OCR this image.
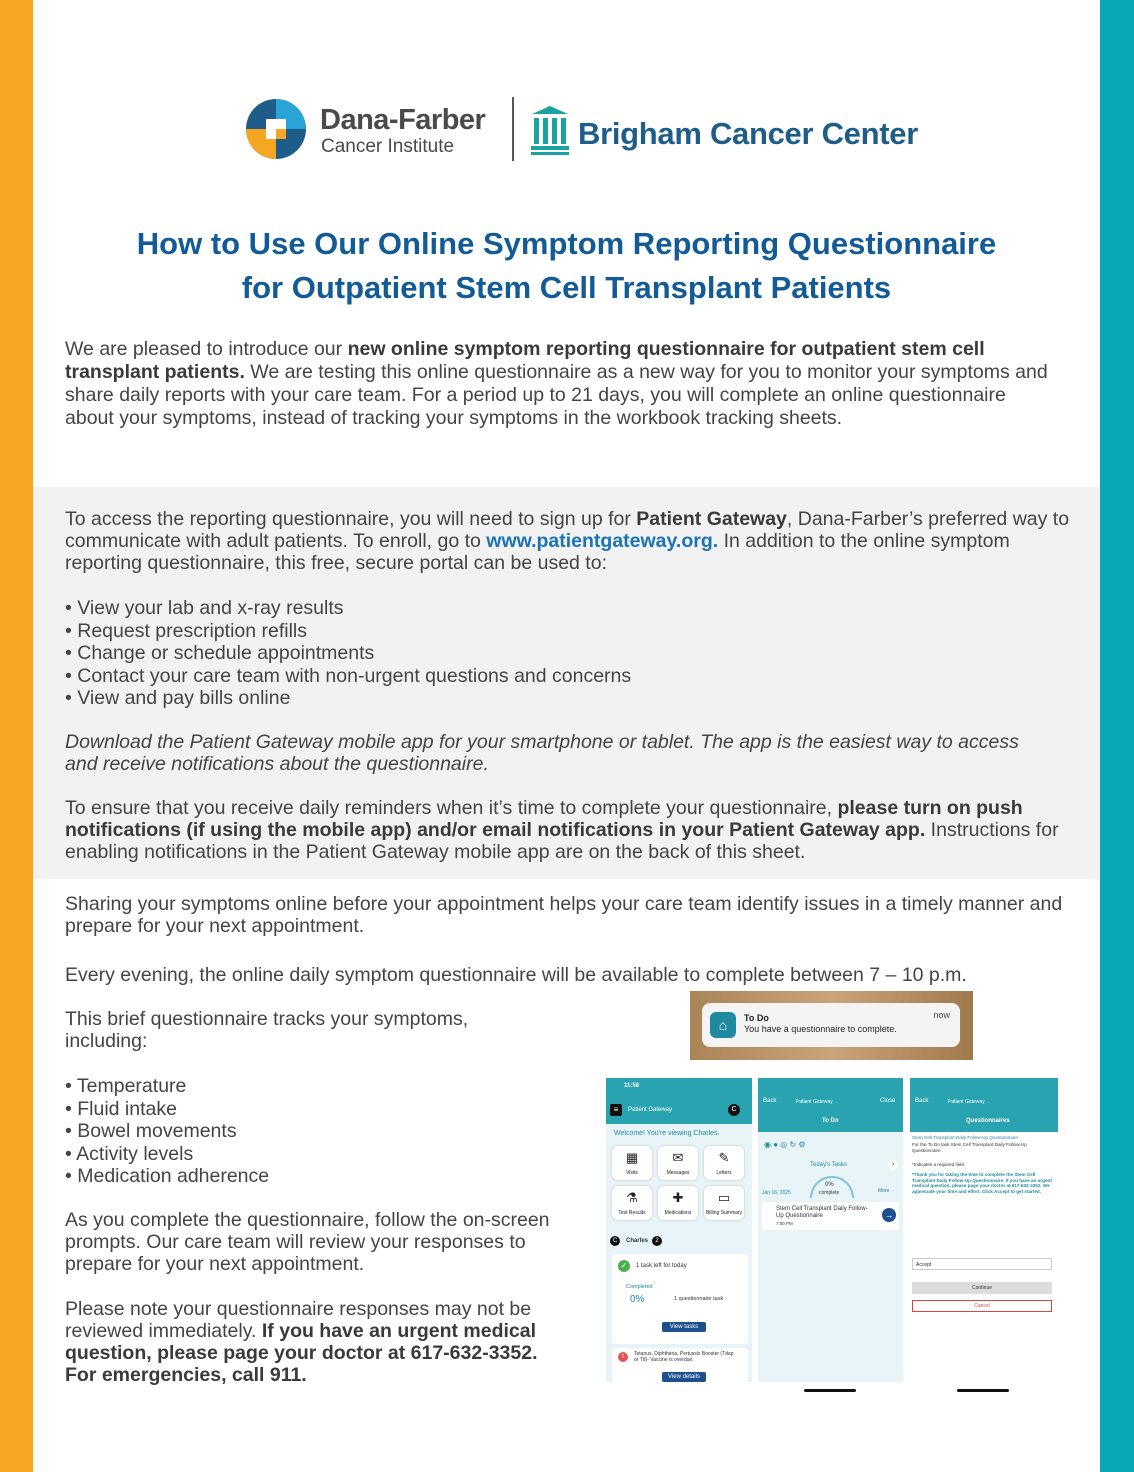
Dana-Farber
Cancer Institute	Brigham Cancer Center
How to Use Our Online Symptom Reporting Questionnaire
for Outpatient Stem Cell Transplant Patients

We are pleased to introduce our new online symptom reporting questionnaire for outpatient stem cell transplant patients. We are testing this online questionnaire as a new way for you to monitor your symptoms and share daily reports with your care team. For a period up to 21 days, you will complete an online questionnaire about your symptoms, instead of tracking your symptoms in the workbook tracking sheets.

To access the reporting questionnaire, you will need to sign up for Patient Gateway, Dana-Farber’s preferred way to communicate with adult patients. To enroll, go to www.patientgateway.org. In addition to the online symptom reporting questionnaire, this free, secure portal can be used to:

• View your lab and x-ray results
• Request prescription refills
• Change or schedule appointments
• Contact your care team with non-urgent questions and concerns
• View and pay bills online

Download the Patient Gateway mobile app for your smartphone or tablet. The app is the easiest way to access and receive notifications about the questionnaire.

To ensure that you receive daily reminders when it’s time to complete your questionnaire, please turn on push notifications (if using the mobile app) and/or email notifications in your Patient Gateway app. Instructions for enabling notifications in the Patient Gateway mobile app are on the back of this sheet.

Sharing your symptoms online before your appointment helps your care team identify issues in a timely manner and prepare for your next appointment.

Every evening, the online daily symptom questionnaire will be available to complete between 7 – 10 p.m.

This brief questionnaire tracks your symptoms, including:

• Temperature
• Fluid intake
• Bowel movements
• Activity levels
• Medication adherence

As you complete the questionnaire, follow the on-screen prompts. Our care team will review your responses to prepare for your next appointment.

Please note your questionnaire responses may not be reviewed immediately. If you have an urgent medical question, please page your doctor at 617-632-3352. For emergencies, call 911.

⌂	To Do
You have a questionnaire to complete.
now
11:58
≡	Patient Gateway	C
Welcome! You're viewing Charles.
▦
Visits
✉
Messages
✎
Letters
⚗
Test Results
✚
Medications
▭
Billing Summary
C	Charles	2
✓	1 task left for today
Completed
0%	1 questionnaire task
View tasks
!	Tetanus, Diphtheria, Pertussis Booster (Tdap or Td)- Vaccine is overdue.
View details
Back	Patient Gateway	Close
To Do
◉ ● ◎ ↻ ⚙
Today's Tasks	›
0%
complete
Jan 16, 2025	More
Stem Cell Transplant Daily Follow-Up Questionnaire
7:00 PM
→
Back	Patient Gateway
Questionnaires
Stem Cell Transplant Daily Follow-Up Questionnaire
For the To Do task Stem Cell Transplant Daily Follow-Up Questionnaire
*Indicates a required field.
*Thank you for taking the time to complete the Stem Cell Transplant Daily Follow-Up Questionnaire. If you have an urgent medical question, please page your doctor at 617-632-3352. We appreciate your time and effort. Click Accept to get started.
Accept
Continue
Cancel
